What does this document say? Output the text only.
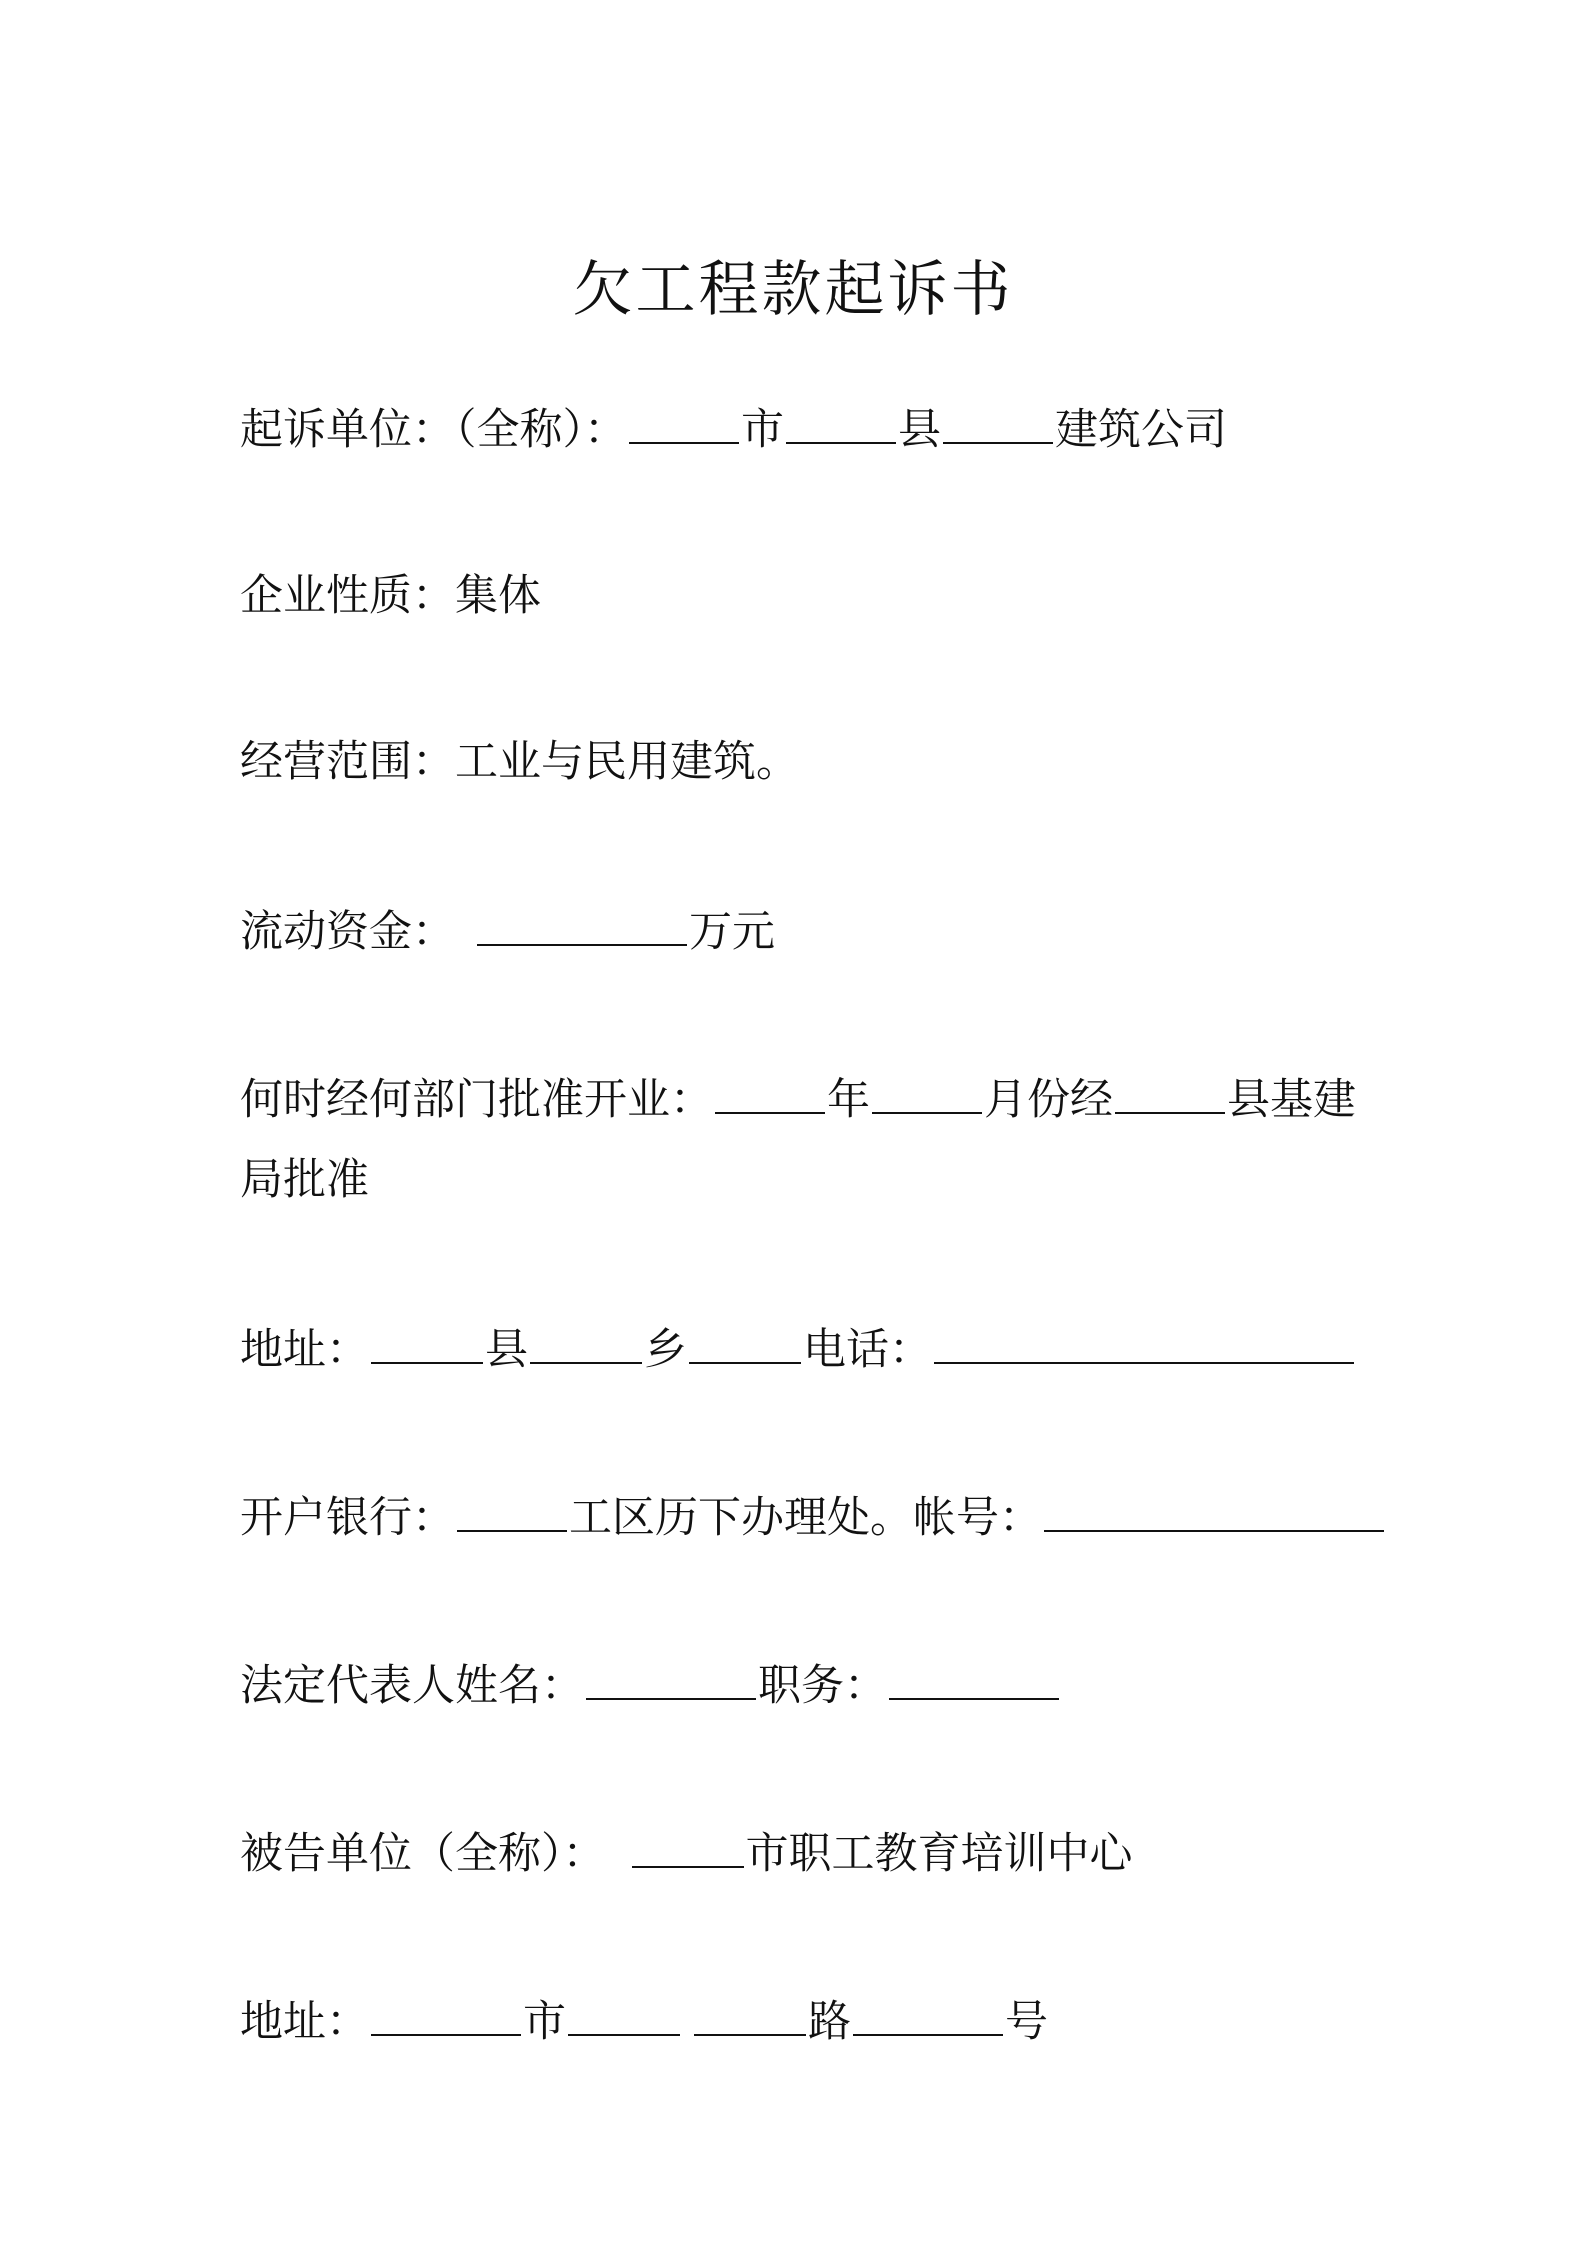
欠工程款起诉书
起诉单位：（全称）：	市	县	建筑公司
企业性质：集体
经营范围：工业与民用建筑。
流动资金：	万元
何时经何部门批准开业：	年	月份经	县基建
局批准
地址：	县	乡	电话：
开户银行：	工区历下办理处。帐号：
法定代表人姓名：	职务：
被告单位（全称）：	市职工教育培训中心
地址：	市	路	号
